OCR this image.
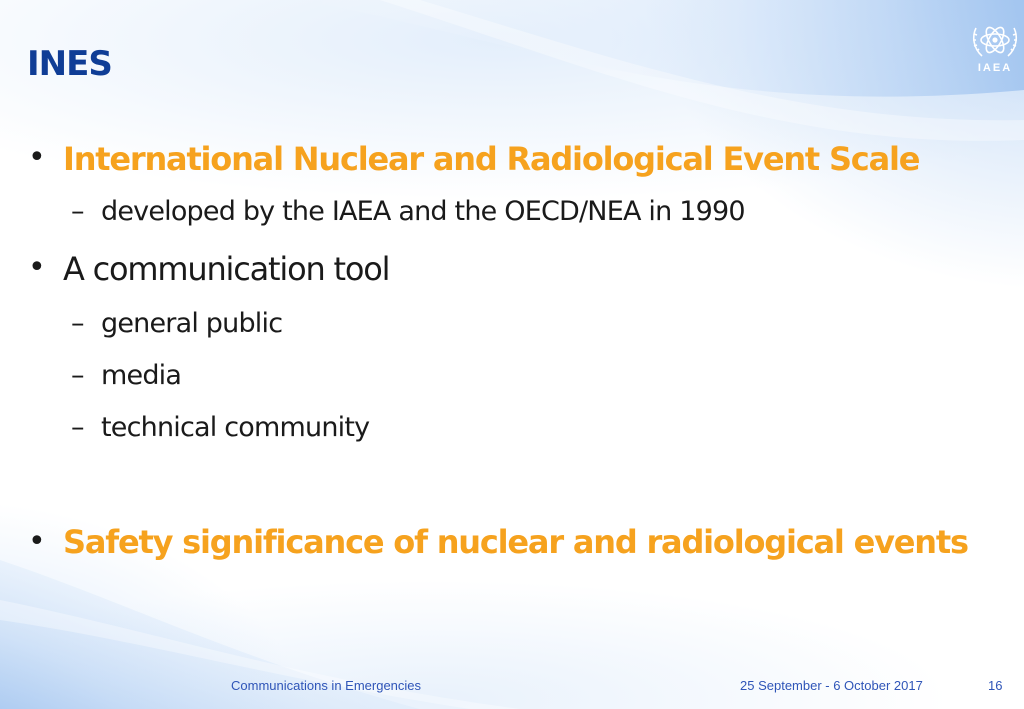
INES	IAEA
• International Nuclear and Radiological Event Scale
– developed by the IAEA and the OECD/NEA in 1990
• A communication tool
– general public
– media
– technical community
• Safety significance of nuclear and radiological events
Communications in Emergencies	25 September - 6 October 2017	16
